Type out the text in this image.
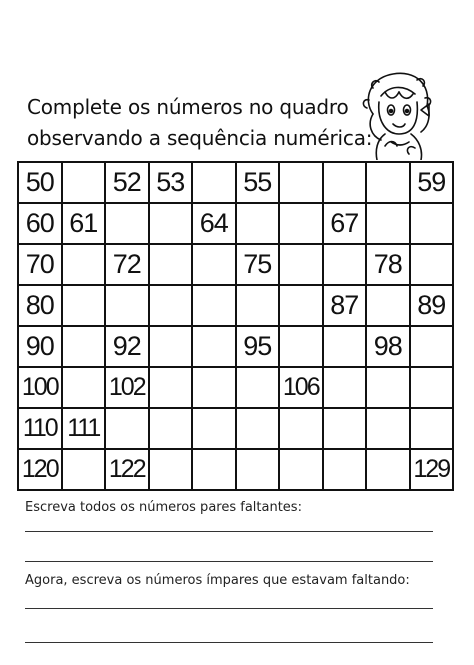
Complete os números no quadro
observando a sequência numérica:
50		52	53		55				59
60	61			64			67		
70		72			75			78	
80							87		89
90		92			95			98	
100		102				106			
110	111								
120		122							129
Escreva todos os números pares faltantes:
Agora, escreva os números ímpares que estavam faltando:
